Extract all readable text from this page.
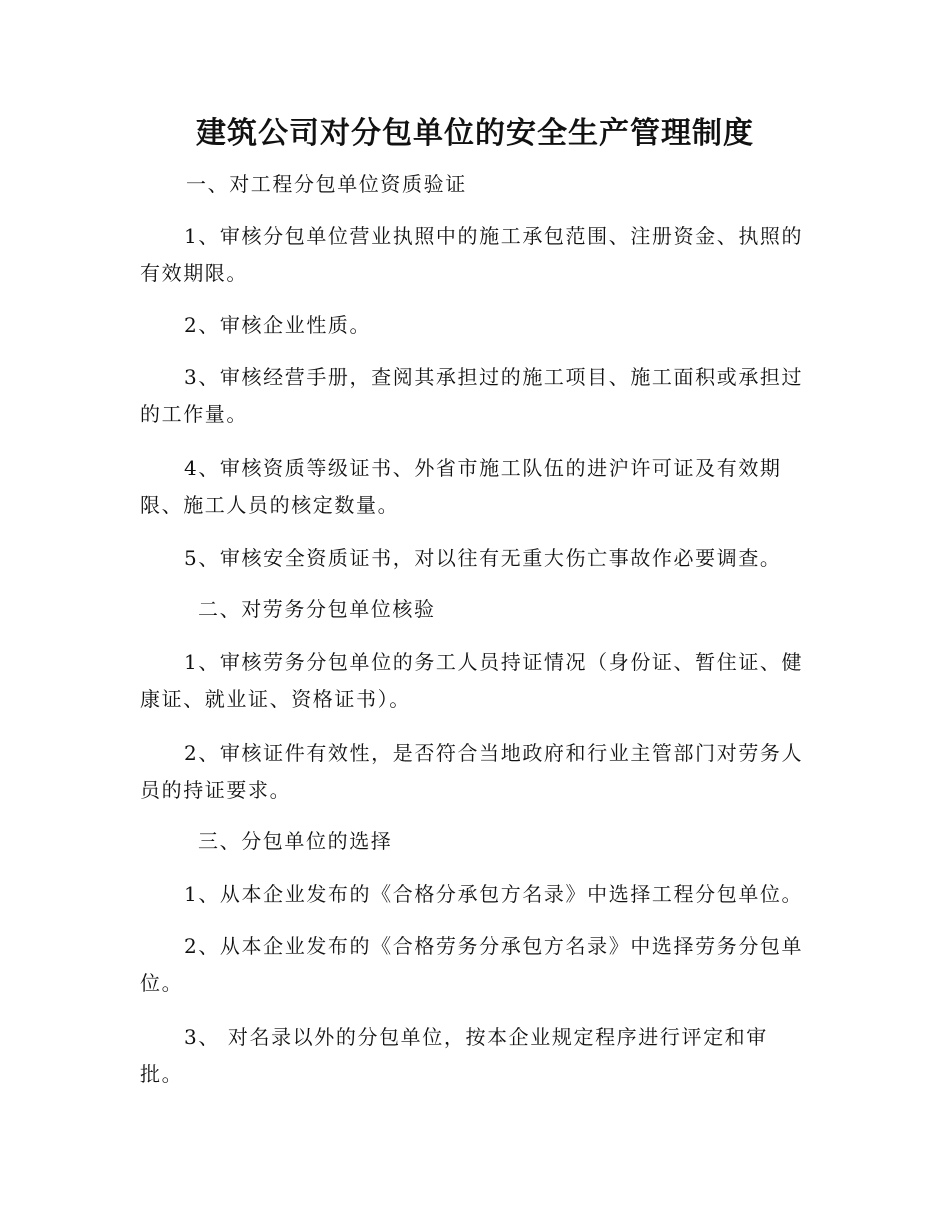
建筑公司对分包单位的安全生产管理制度

一、对工程分包单位资质验证

1、审核分包单位营业执照中的施工承包范围、注册资金、执照的有效期限。

2、审核企业性质。

3、审核经营手册，查阅其承担过的施工项目、施工面积或承担过的工作量。

4、审核资质等级证书、外省市施工队伍的进沪许可证及有效期限、施工人员的核定数量。

5、审核安全资质证书，对以往有无重大伤亡事故作必要调查。

二、对劳务分包单位核验

1、审核劳务分包单位的务工人员持证情况（身份证、暂住证、健康证、就业证、资格证书）。

2、审核证件有效性，是否符合当地政府和行业主管部门对劳务人员的持证要求。

三、分包单位的选择

1、从本企业发布的《合格分承包方名录》中选择工程分包单位。

2、从本企业发布的《合格劳务分承包方名录》中选择劳务分包单位。

3、 对名录以外的分包单位，按本企业规定程序进行评定和审批。
